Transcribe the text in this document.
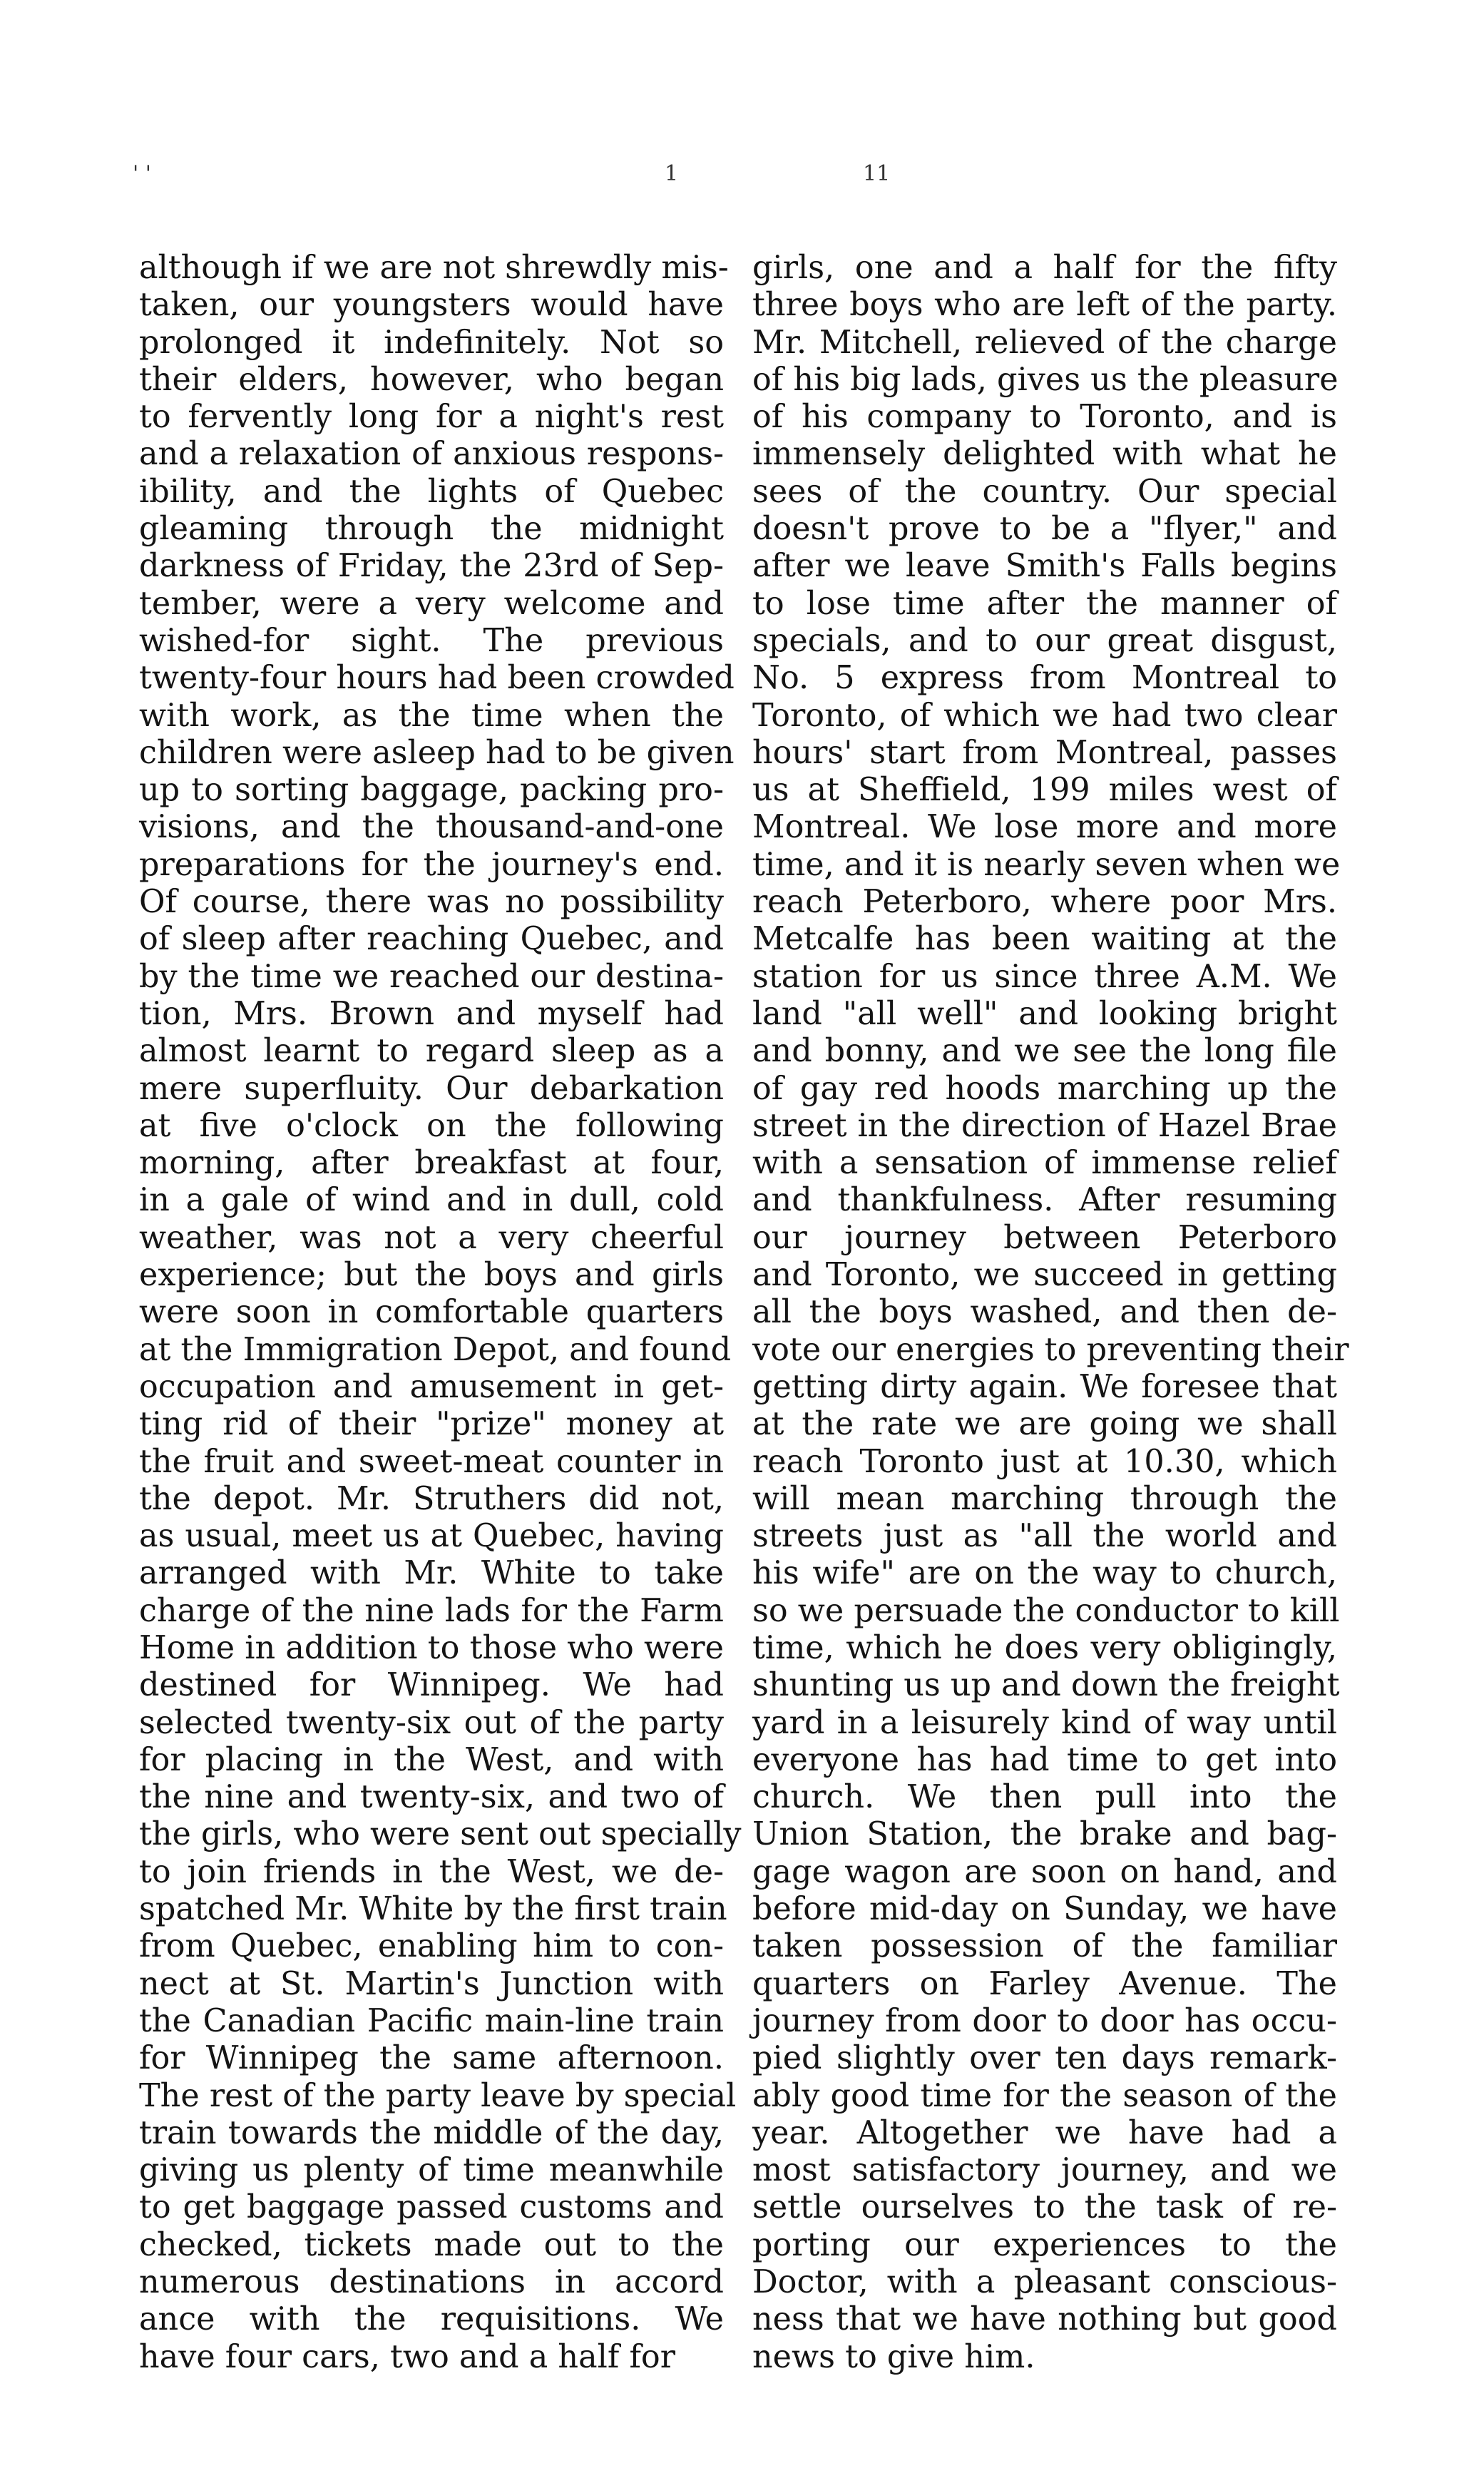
' '	1	11
although if we are not shrewdly mis-
taken, our youngsters would have
prolonged it indefinitely. Not so
their elders, however, who began
to fervently long for a night's rest
and a relaxation of anxious respons-
ibility, and the lights of Quebec
gleaming through the midnight
darkness of Friday, the 23rd of Sep-
tember, were a very welcome and
wished-for sight. The previous
twenty-four hours had been crowded
with work, as the time when the
children were asleep had to be given
up to sorting baggage, packing pro-
visions, and the thousand-and-one
preparations for the journey's end.
Of course, there was no possibility
of sleep after reaching Quebec, and
by the time we reached our destina-
tion, Mrs. Brown and myself had
almost learnt to regard sleep as a
mere superfluity. Our debarkation
at five o'clock on the following
morning, after breakfast at four,
in a gale of wind and in dull, cold
weather, was not a very cheerful
experience; but the boys and girls
were soon in comfortable quarters
at the Immigration Depot, and found
occupation and amusement in get-
ting rid of their "prize" money at
the fruit and sweet-meat counter in
the depot. Mr. Struthers did not,
as usual, meet us at Quebec, having
arranged with Mr. White to take
charge of the nine lads for the Farm
Home in addition to those who were
destined for Winnipeg. We had
selected twenty-six out of the party
for placing in the West, and with
the nine and twenty-six, and two of
the girls, who were sent out specially
to join friends in the West, we de-
spatched Mr. White by the first train
from Quebec, enabling him to con-
nect at St. Martin's Junction with
the Canadian Pacific main-line train
for Winnipeg the same afternoon.
The rest of the party leave by special
train towards the middle of the day,
giving us plenty of time meanwhile
to get baggage passed customs and
checked, tickets made out to the
numerous destinations in accord
ance with the requisitions. We
have four cars, two and a half for
girls, one and a half for the fifty
three boys who are left of the party.
Mr. Mitchell, relieved of the charge
of his big lads, gives us the pleasure
of his company to Toronto, and is
immensely delighted with what he
sees of the country. Our special
doesn't prove to be a "flyer," and
after we leave Smith's Falls begins
to lose time after the manner of
specials, and to our great disgust,
No. 5 express from Montreal to
Toronto, of which we had two clear
hours' start from Montreal, passes
us at Sheffield, 199 miles west of
Montreal. We lose more and more
time, and it is nearly seven when we
reach Peterboro, where poor Mrs.
Metcalfe has been waiting at the
station for us since three A.M. We
land "all well" and looking bright
and bonny, and we see the long file
of gay red hoods marching up the
street in the direction of Hazel Brae
with a sensation of immense relief
and thankfulness. After resuming
our journey between Peterboro
and Toronto, we succeed in getting
all the boys washed, and then de-
vote our energies to preventing their
getting dirty again. We foresee that
at the rate we are going we shall
reach Toronto just at 10.30, which
will mean marching through the
streets just as "all the world and
his wife" are on the way to church,
so we persuade the conductor to kill
time, which he does very obligingly,
shunting us up and down the freight
yard in a leisurely kind of way until
everyone has had time to get into
church. We then pull into the
Union Station, the brake and bag-
gage wagon are soon on hand, and
before mid-day on Sunday, we have
taken possession of the familiar
quarters on Farley Avenue. The
journey from door to door has occu-
pied slightly over ten days remark-
ably good time for the season of the
year. Altogether we have had a
most satisfactory journey, and we
settle ourselves to the task of re-
porting our experiences to the
Doctor, with a pleasant conscious-
ness that we have nothing but good
news to give him.
